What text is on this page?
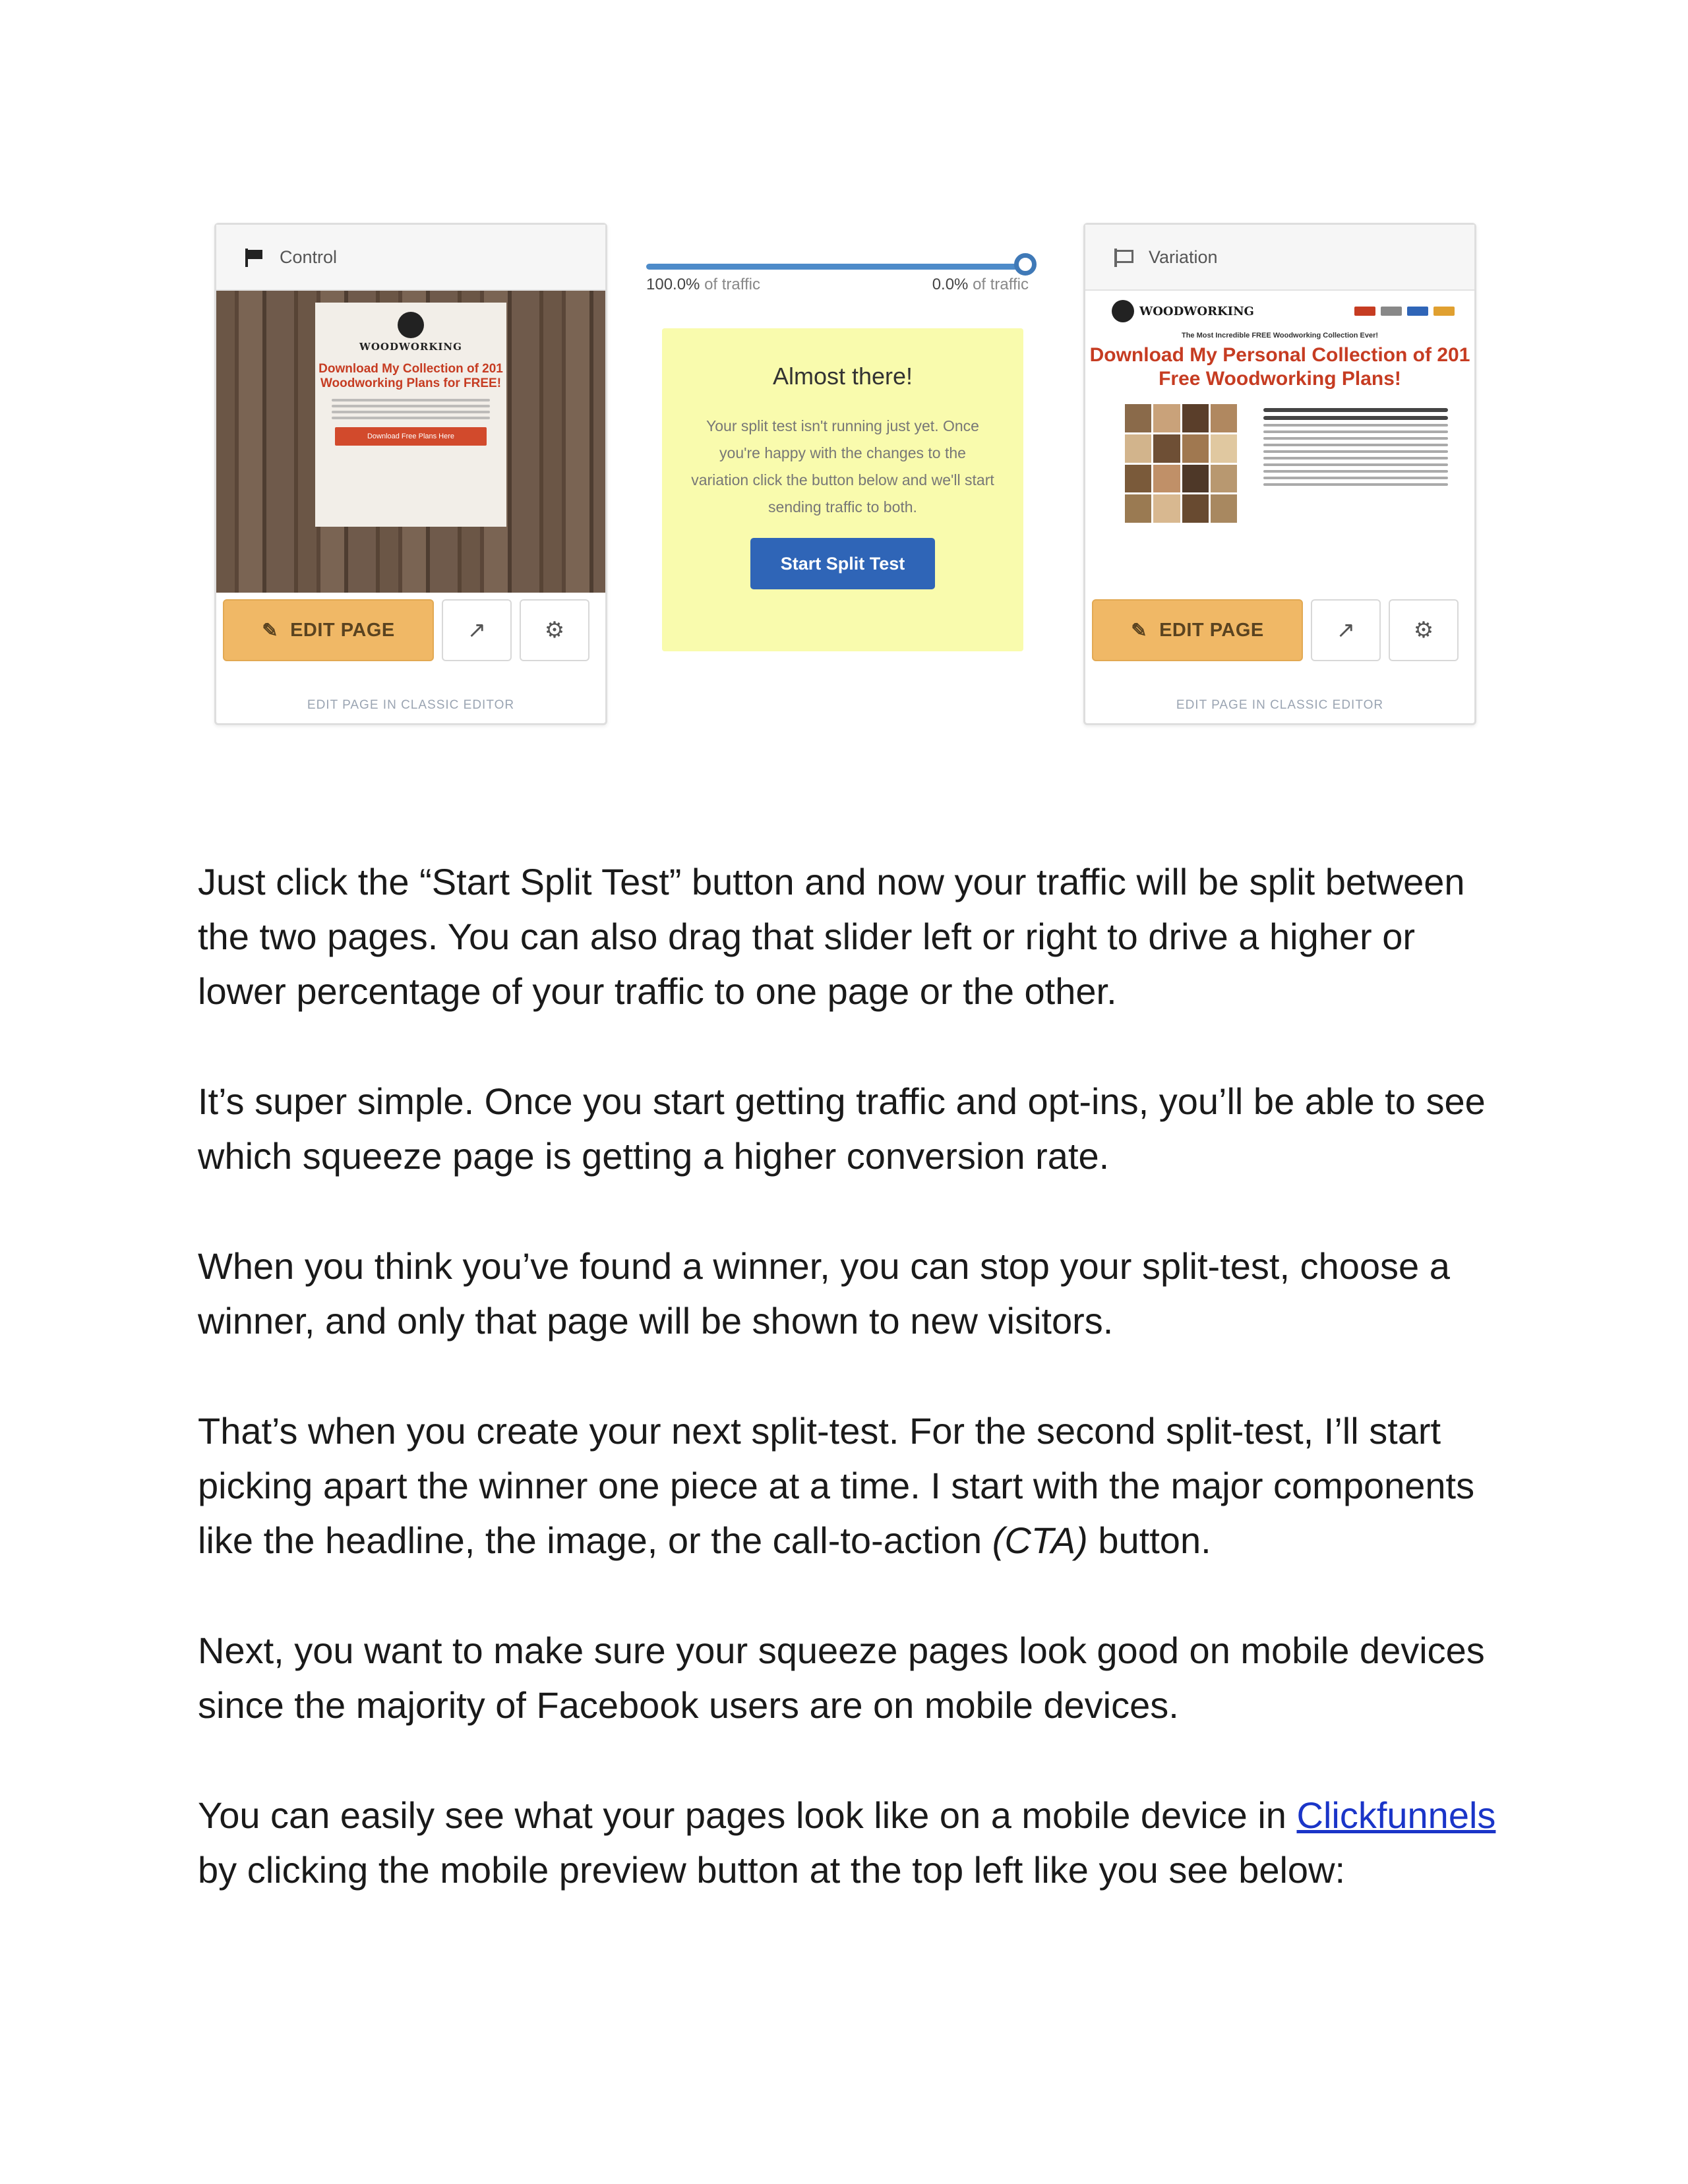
Control
WOODWORKING
Download My Collection of 201 Woodworking Plans for FREE!
Download Free Plans Here
✎ EDIT PAGE	↗	⚙
EDIT PAGE IN CLASSIC EDITOR
100.0% of traffic	0.0% of traffic
Almost there!
Your split test isn't running just yet. Once you're happy with the changes to the variation click the button below and we'll start sending traffic to both.
Start Split Test
Variation
WOODWORKING
The Most Incredible FREE Woodworking Collection Ever!
Download My Personal Collection of 201 Free Woodworking Plans!
✎ EDIT PAGE	↗	⚙
EDIT PAGE IN CLASSIC EDITOR

Just click the “Start Split Test” button and now your traffic will be split between the two pages. You can also drag that slider left or right to drive a higher or lower percentage of your traffic to one page or the other.

It’s super simple. Once you start getting traffic and opt-ins, you’ll be able to see which squeeze page is getting a higher conversion rate.

When you think you’ve found a winner, you can stop your split-test, choose a winner, and only that page will be shown to new visitors.

That’s when you create your next split-test. For the second split-test, I’ll start picking apart the winner one piece at a time. I start with the major components like the headline, the image, or the call-to-action (CTA) button.

Next, you want to make sure your squeeze pages look good on mobile devices since the majority of Facebook users are on mobile devices.

You can easily see what your pages look like on a mobile device in Clickfunnels by clicking the mobile preview button at the top left like you see below:
